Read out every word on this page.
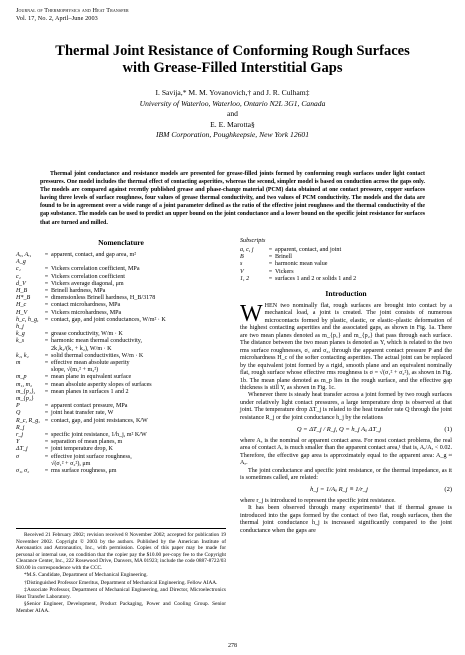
Journal of Thermophysics and Heat Transfer
Vol. 17, No. 2, April–June 2003
Thermal Joint Resistance of Conforming Rough Surfaces with Grease-Filled Interstitial Gaps
I. Savija,* M. M. Yovanovich,† and J. R. Culham‡
University of Waterloo, Waterloo, Ontario N2L 3G1, Canada
and
E. E. Marotta§
IBM Corporation, Poughkeepsie, New York 12601
Thermal joint conductance and resistance models are presented for grease-filled joints formed by conforming rough surfaces under light contact pressures. One model includes the thermal effect of contacting asperities, whereas the second, simpler model is based on conduction across the gaps only. The models are compared against recently published grease and phase-change material (PCM) data obtained at one contact pressure, copper surfaces having three levels of surface roughness, four values of grease thermal conductivity, and two values of PCM conductivity. The models and the data are found to be in agreement over a wide range of a joint parameter defined as the ratio of the effective joint roughness and the thermal conductivity of the gap substance. The models can be used to predict an upper bound on the joint conductance and a lower bound on the specific joint resistance for surfaces that are turned and milled.
Nomenclature
Aₐ, Aᵣ, A_g
= apparent, contact, and gap area, m²
c₁	= Vickers correlation coefficient, MPa
c₂	= Vickers correlation coefficient
d_V	= Vickers average diagonal, μm
H_B	= Brinell hardness, MPa
H*_B	= dimensionless Brinell hardness, H_B/3178
H_c	= contact microhardness, MPa
H_V	= Vickers microhardness, MPa
h_c, h_g, h_j
= contact, gap, and joint conductances, W/m² · K
k_g	= grease conductivity, W/m · K
k_s	= harmonic mean thermal conductivity,
2k₁k₂/(k₁ + k₂), W/m · K
k₁, k₂	= solid thermal conductivities, W/m · K
m	= effective mean absolute asperity
slope, √(m₁² + m₂²)
m_p	= mean plane in equivalent surface
m₁, m₂	= mean absolute asperity slopes of surfaces
m_{p₁}, m_{p₂}
= mean planes in surfaces 1 and 2
P	= apparent contact pressure, MPa
Q	= joint heat transfer rate, W
R_c, R_g, R_j
= contact, gap, and joint resistances, K/W
r_j	= specific joint resistance, 1/h_j, m² K/W
Y	= separation of mean planes, m
ΔT_j	= joint temperature drop, K
σ	= effective joint surface roughness,
√(σ₁² + σ₂²), μm
σ₁, σ₂	= rms surface roughness, μm
Subscripts
a, c, j	= apparent, contact, and joint
B	= Brinell
s	= harmonic mean value
V	= Vickers
1, 2	= surfaces 1 and 2 or solids 1 and 2
Introduction

WHEN two nominally flat, rough surfaces are brought into contact by a mechanical load, a joint is created. The joint consists of numerous microcontacts formed by plastic, elastic, or elastic–plastic deformation of the highest contacting asperities and the associated gaps, as shown in Fig. 1a. There are two mean planes denoted as m_{p₁} and m_{p₂} that pass through each surface. The distance between the two mean planes is denoted as Y, which is related to the two rms surface roughnesses, σ₁ and σ₂, through the apparent contact pressure P and the microhardness H_c of the softer contacting asperities. The actual joint can be replaced by the equivalent joint formed by a rigid, smooth plane and an equivalent nominally flat, rough surface whose effective rms roughness is σ = √(σ₁² + σ₂²), as shown in Fig. 1b. The mean plane denoted as m_p lies in the rough surface, and the effective gap thickness is still Y, as shown in Fig. 1c.

Whenever there is steady heat transfer across a joint formed by two rough surfaces under relatively light contact pressures, a large temperature drop is observed at that joint. The temperature drop ΔT_j is related to the heat transfer rate Q through the joint resistance R_j or the joint conductance h_j by the relations

Q = ΔT_j / R_j, Q = h_j Aₐ ΔT_j	(1)

where Aₐ is the nominal or apparent contact area. For most contact problems, the real area of contact Aᵣ is much smaller than the apparent contact area,¹ that is, Aᵣ/Aₐ < 0.02. Therefore, the effective gap area is approximately equal to the apparent area: A_g ≈ Aₐ.

The joint conductance and specific joint resistance, or the thermal impedance, as it is sometimes called, are related:

h_j = 1/Aₐ R_j ≡ 1/r_j	(2)

where r_j is introduced to represent the specific joint resistance.

It has been observed through many experiments¹ that if thermal grease is introduced into the gaps formed by the contact of two flat, rough surfaces, then the thermal joint conductance h_j is increased significantly compared to the joint conductance when the gaps are

Received 21 February 2002; revision received 8 November 2002; accepted for publication 19 November 2002. Copyright © 2003 by the authors. Published by the American Institute of Aeronautics and Astronautics, Inc., with permission. Copies of this paper may be made for personal or internal use, on condition that the copier pay the $10.00 per-copy fee to the Copyright Clearance Center, Inc., 222 Rosewood Drive, Danvers, MA 01923; include the code 0887-8722/03 $10.00 in correspondence with the CCC.

*M.S. Candidate, Department of Mechanical Engineering.

†Distinguished Professor Emeritus, Department of Mechanical Engineering. Fellow AIAA.

‡Associate Professor, Department of Mechanical Engineering, and Director, Microelectronics Heat Transfer Laboratory.

§Senior Engineer, Development, Product Packaging, Power and Cooling Group. Senior Member AIAA.

278
